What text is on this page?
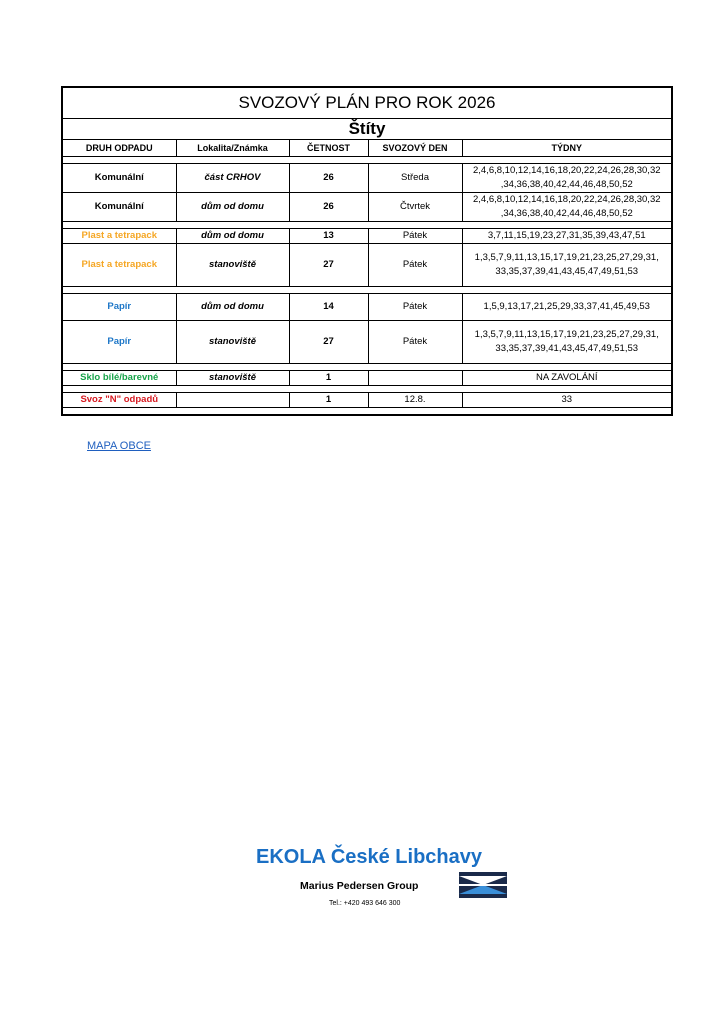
SVOZOVÝ PLÁN PRO ROK 2026				
Štíty				
DRUH ODPADU	Lokalita/Známka	ČETNOST	SVOZOVÝ DEN	TÝDNY

Komunální	část CRHOV	26	Středa	2,4,6,8,10,12,14,16,18,20,22,24,26,28,30,32
,34,36,38,40,42,44,46,48,50,52
Komunální	dům od domu	26	Čtvrtek	2,4,6,8,10,12,14,16,18,20,22,24,26,28,30,32
,34,36,38,40,42,44,46,48,50,52

Plast a tetrapack	dům od domu	13	Pátek	3,7,11,15,19,23,27,31,35,39,43,47,51
Plast a tetrapack	stanoviště	27	Pátek	1,3,5,7,9,11,13,15,17,19,21,23,25,27,29,31,
33,35,37,39,41,43,45,47,49,51,53

Papír	dům od domu	14	Pátek	1,5,9,13,17,21,25,29,33,37,41,45,49,53
Papír	stanoviště	27	Pátek	1,3,5,7,9,11,13,15,17,19,21,23,25,27,29,31,
33,35,37,39,41,43,45,47,49,51,53

Sklo bílé/barevné	stanoviště	1		NA ZAVOLÁNÍ

Svoz "N" odpadů		1	12.8.	33

MAPA OBCE
EKOLA České Libchavy
Marius Pedersen Group
Tel.: +420 493 646 300
